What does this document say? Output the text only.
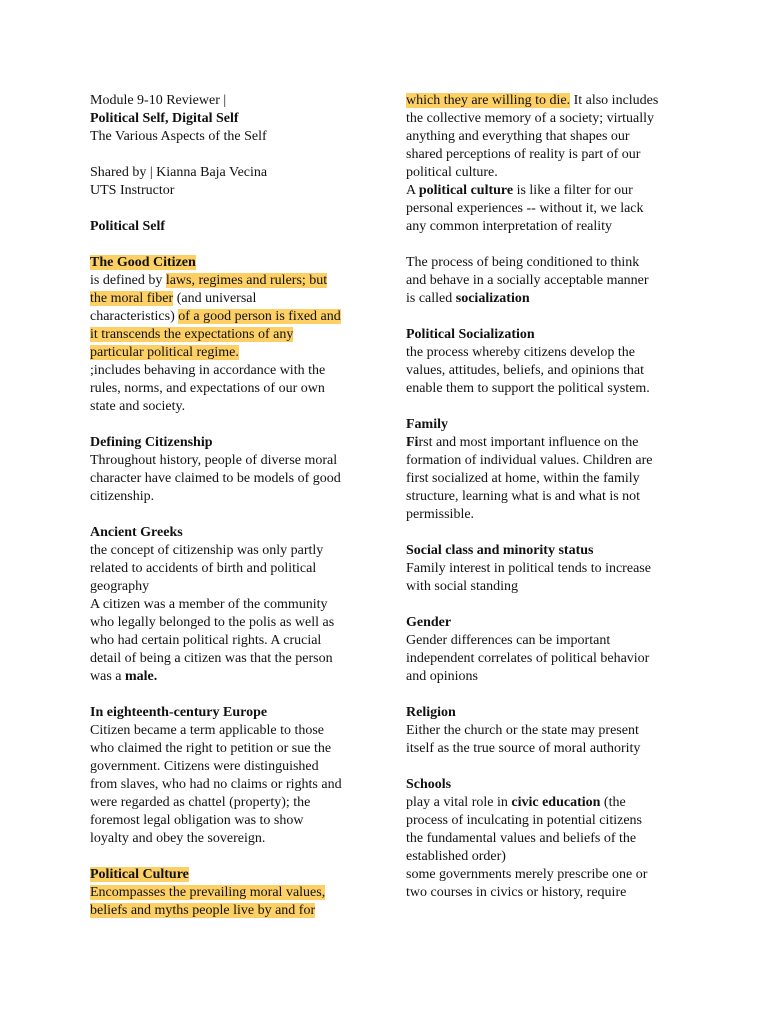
Module 9-10 Reviewer |
Political Self, Digital Self
The Various Aspects of the Self
Shared by | Kianna Baja Vecina
UTS Instructor
Political Self
The Good Citizen
is defined by laws, regimes and rulers; but
the moral fiber (and universal
characteristics) of a good person is fixed and
it transcends the expectations of any
particular political regime.
;includes behaving in accordance with the
rules, norms, and expectations of our own
state and society.
Defining Citizenship
Throughout history, people of diverse moral
character have claimed to be models of good
citizenship.
Ancient Greeks
the concept of citizenship was only partly
related to accidents of birth and political
geography
A citizen was a member of the community
who legally belonged to the polis as well as
who had certain political rights. A crucial
detail of being a citizen was that the person
was a male.
In eighteenth-century Europe
Citizen became a term applicable to those
who claimed the right to petition or sue the
government. Citizens were distinguished
from slaves, who had no claims or rights and
were regarded as chattel (property); the
foremost legal obligation was to show
loyalty and obey the sovereign.
Political Culture
Encompasses the prevailing moral values,
beliefs and myths people live by and for
which they are willing to die. It also includes
the collective memory of a society; virtually
anything and everything that shapes our
shared perceptions of reality is part of our
political culture.
A political culture is like a filter for our
personal experiences -- without it, we lack
any common interpretation of reality
The process of being conditioned to think
and behave in a socially acceptable manner
is called socialization
Political Socialization
the process whereby citizens develop the
values, attitudes, beliefs, and opinions that
enable them to support the political system.
Family
First and most important influence on the
formation of individual values. Children are
first socialized at home, within the family
structure, learning what is and what is not
permissible.
Social class and minority status
Family interest in political tends to increase
with social standing
Gender
Gender differences can be important
independent correlates of political behavior
and opinions
Religion
Either the church or the state may present
itself as the true source of moral authority
Schools
play a vital role in civic education (the
process of inculcating in potential citizens
the fundamental values and beliefs of the
established order)
some governments merely prescribe one or
two courses in civics or history, require
